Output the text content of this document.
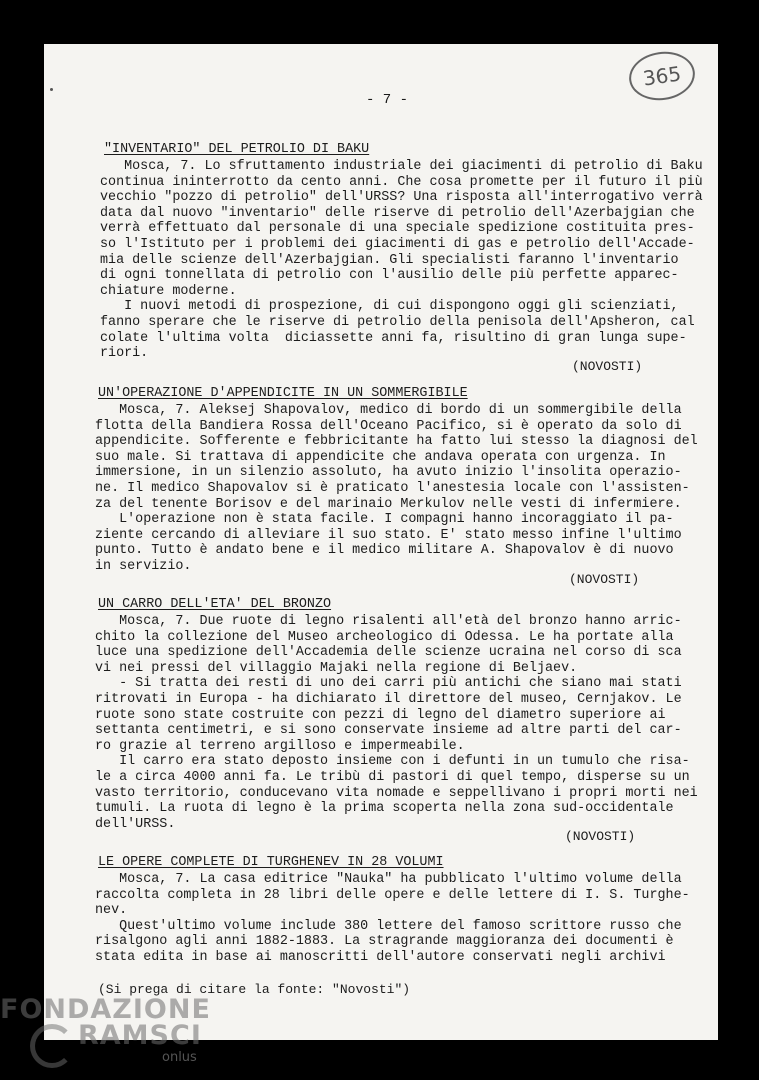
365
- 7 -
"INVENTARIO" DEL PETROLIO DI BAKU
Mosca, 7. Lo sfruttamento industriale dei giacimenti di petrolio di Baku
continua ininterrotto da cento anni. Che cosa promette per il futuro il più
vecchio "pozzo di petrolio" dell'URSS? Una risposta all'interrogativo verrà
data dal nuovo "inventario" delle riserve di petrolio dell'Azerbajgian che
verrà effettuato dal personale di una speciale spedizione costituita pres-
so l'Istituto per i problemi dei giacimenti di gas e petrolio dell'Accade-
mia delle scienze dell'Azerbajgian. Gli specialisti faranno l'inventario
di ogni tonnellata di petrolio con l'ausilio delle più perfette apparec-
chiature moderne.
I nuovi metodi di prospezione, di cui dispongono oggi gli scienziati,
fanno sperare che le riserve di petrolio della penisola dell'Apsheron, cal
colate l'ultima volta  diciassette anni fa, risultino di gran lunga supe-
riori.
(NOVOSTI)
UN'OPERAZIONE D'APPENDICITE IN UN SOMMERGIBILE
Mosca, 7. Aleksej Shapovalov, medico di bordo di un sommergibile della
flotta della Bandiera Rossa dell'Oceano Pacifico, si è operato da solo di
appendicite. Sofferente e febbricitante ha fatto lui stesso la diagnosi del
suo male. Si trattava di appendicite che andava operata con urgenza. In
immersione, in un silenzio assoluto, ha avuto inizio l'insolita operazio-
ne. Il medico Shapovalov si è praticato l'anestesia locale con l'assisten-
za del tenente Borisov e del marinaio Merkulov nelle vesti di infermiere.
L'operazione non è stata facile. I compagni hanno incoraggiato il pa-
ziente cercando di alleviare il suo stato. E' stato messo infine l'ultimo
punto. Tutto è andato bene e il medico militare A. Shapovalov è di nuovo
in servizio.
(NOVOSTI)
UN CARRO DELL'ETA' DEL BRONZO
Mosca, 7. Due ruote di legno risalenti all'età del bronzo hanno arric-
chito la collezione del Museo archeologico di Odessa. Le ha portate alla
luce una spedizione dell'Accademia delle scienze ucraina nel corso di sca
vi nei pressi del villaggio Majaki nella regione di Beljaev.
- Si tratta dei resti di uno dei carri più antichi che siano mai stati
ritrovati in Europa - ha dichiarato il direttore del museo, Cernjakov. Le
ruote sono state costruite con pezzi di legno del diametro superiore ai
settanta centimetri, e si sono conservate insieme ad altre parti del car-
ro grazie al terreno argilloso e impermeabile.
Il carro era stato deposto insieme con i defunti in un tumulo che risa-
le a circa 4000 anni fa. Le tribù di pastori di quel tempo, disperse su un
vasto territorio, conducevano vita nomade e seppellivano i propri morti nei
tumuli. La ruota di legno è la prima scoperta nella zona sud-occidentale
dell'URSS.
(NOVOSTI)
LE OPERE COMPLETE DI TURGHENEV IN 28 VOLUMI
Mosca, 7. La casa editrice "Nauka" ha pubblicato l'ultimo volume della
raccolta completa in 28 libri delle opere e delle lettere di I. S. Turghe-
nev.
Quest'ultimo volume include 380 lettere del famoso scrittore russo che
risalgono agli anni 1882-1883. La stragrande maggioranza dei documenti è
stata edita in base ai manoscritti dell'autore conservati negli archivi
(Si prega di citare la fonte: "Novosti")
FONDAZIONE
RAMSCI
onlus
